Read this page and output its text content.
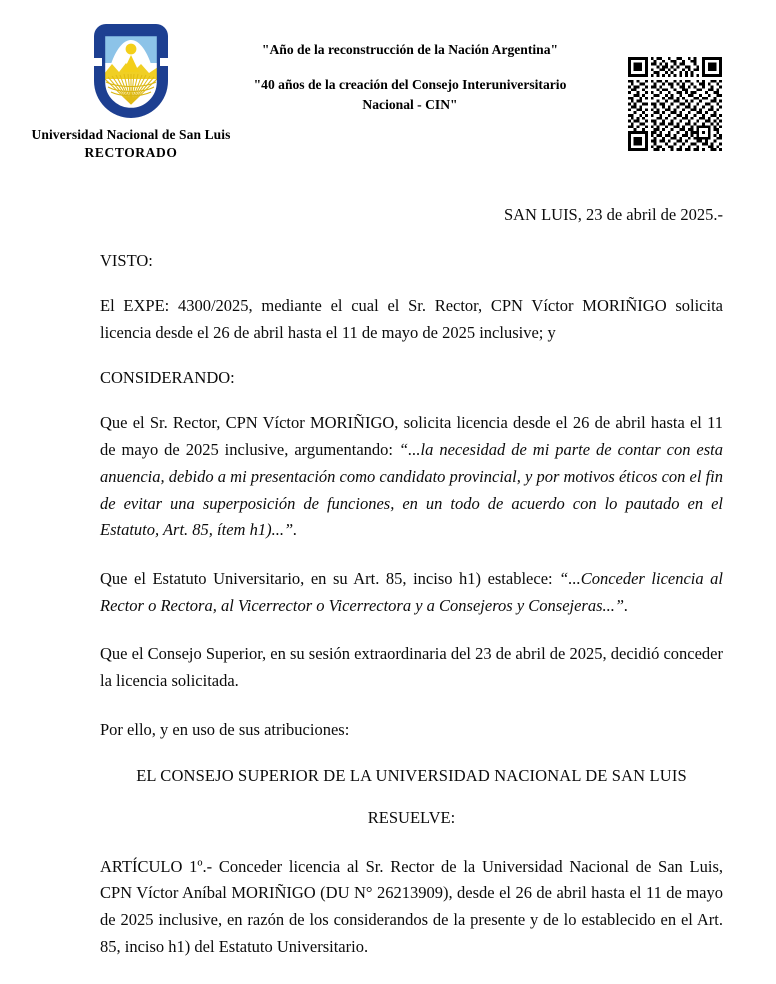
Universidad Nacional de San Luis
RECTORADO
"Año de la reconstrucción de la Nación Argentina"
"40 años de la creación del Consejo Interuniversitario Nacional - CIN"
SAN LUIS, 23 de abril de 2025.-
VISTO:

El EXPE: 4300/2025, mediante el cual el Sr. Rector, CPN Víctor MORIÑIGO solicita licencia desde el 26 de abril hasta el 11 de mayo de 2025 inclusive; y

CONSIDERANDO:

Que el Sr. Rector, CPN Víctor MORIÑIGO, solicita licencia desde el 26 de abril hasta el 11 de mayo de 2025 inclusive, argumentando: “...la necesidad de mi parte de contar con esta anuencia, debido a mi presentación como candidato provincial, y por motivos éticos con el fin de evitar una superposición de funciones, en un todo de acuerdo con lo pautado en el Estatuto, Art. 85, ítem h1)...”.

Que el Estatuto Universitario, en su Art. 85, inciso h1) establece: “...Conceder licencia al Rector o Rectora, al Vicerrector o Vicerrectora y a Consejeros y Consejeras...”.

Que el Consejo Superior, en su sesión extraordinaria del 23 de abril de 2025, decidió conceder la licencia solicitada.

Por ello, y en uso de sus atribuciones:

EL CONSEJO SUPERIOR DE LA UNIVERSIDAD NACIONAL DE SAN LUIS
RESUELVE:

ARTÍCULO 1º.- Conceder licencia al Sr. Rector de la Universidad Nacional de San Luis, CPN Víctor Aníbal MORIÑIGO (DU N° 26213909), desde el 26 de abril hasta el 11 de mayo de 2025 inclusive, en razón de los considerandos de la presente y de lo establecido en el Art. 85, inciso h1) del Estatuto Universitario.
